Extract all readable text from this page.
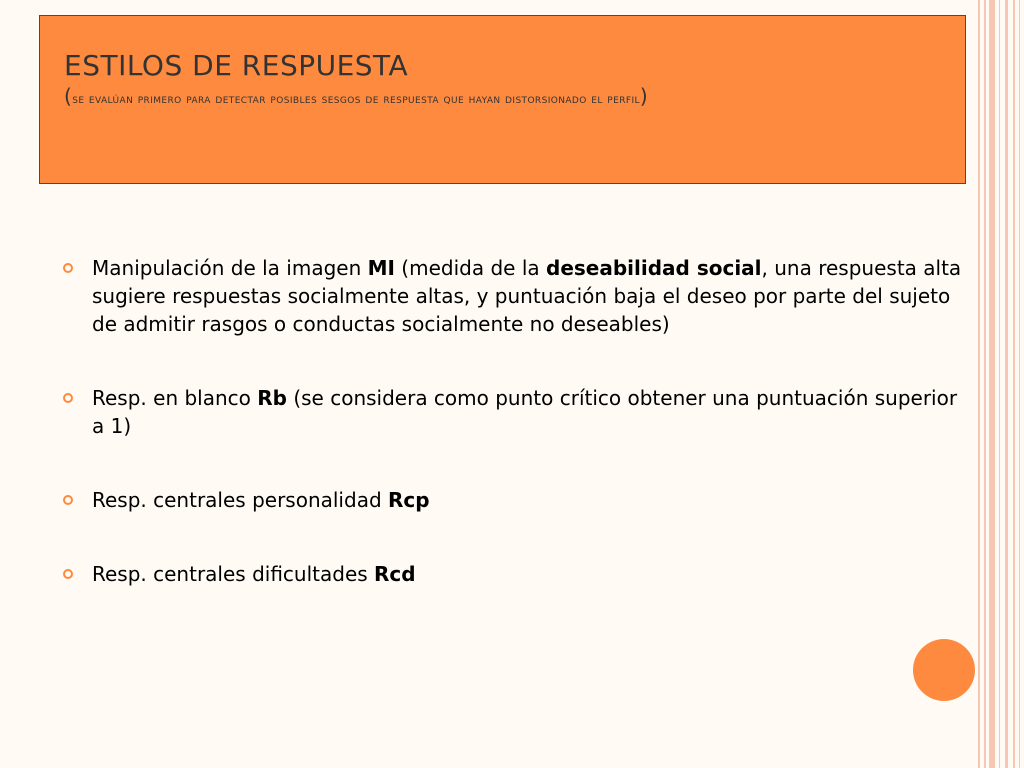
ESTILOS DE RESPUESTA
(se evalúan primero para detectar posibles sesgos de respuesta que hayan distorsionado el perfil)
Manipulación de la imagen MI (medida de la deseabilidad social, una respuesta alta sugiere respuestas socialmente altas, y puntuación baja el deseo por parte del sujeto de admitir rasgos o conductas socialmente no deseables)
Resp. en blanco Rb (se considera como punto crítico obtener una puntuación superior a 1)
Resp. centrales personalidad Rcp
Resp. centrales dificultades Rcd
